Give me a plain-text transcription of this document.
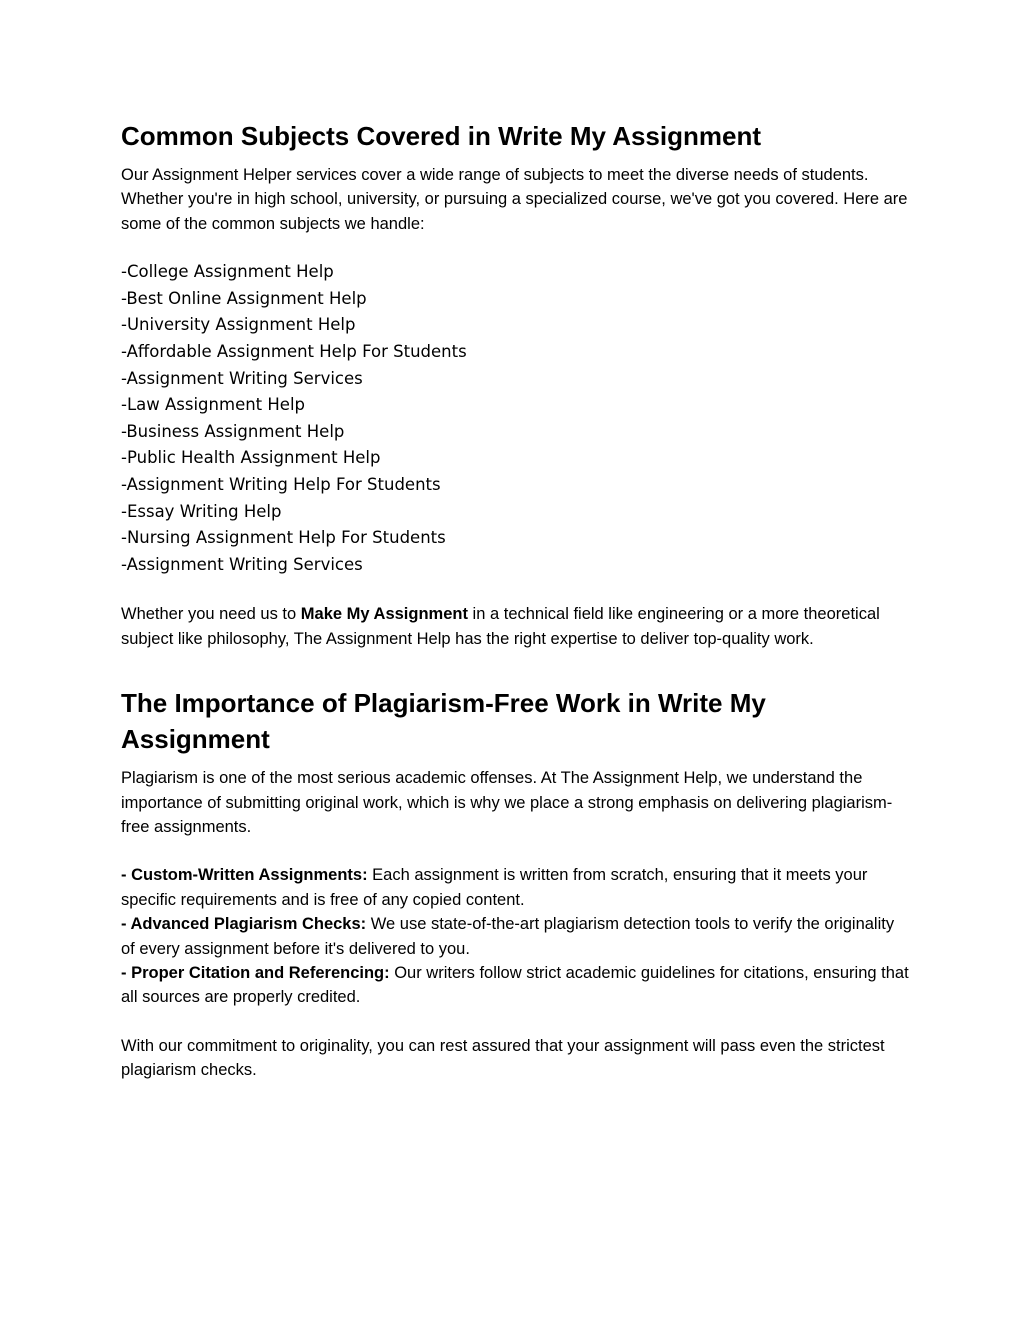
Common Subjects Covered in Write My Assignment

Our Assignment Helper services cover a wide range of subjects to meet the diverse needs of students. Whether you're in high school, university, or pursuing a specialized course, we've got you covered. Here are some of the common subjects we handle:

-College Assignment Help
-Best Online Assignment Help
-University Assignment Help
-Affordable Assignment Help For Students
-Assignment Writing Services
-Law Assignment Help
-Business Assignment Help
-Public Health Assignment Help
-Assignment Writing Help For Students
-Essay Writing Help
-Nursing Assignment Help For Students
-Assignment Writing Services

Whether you need us to Make My Assignment in a technical field like engineering or a more theoretical subject like philosophy, The Assignment Help has the right expertise to deliver top-quality work.

The Importance of Plagiarism-Free Work in Write My Assignment

Plagiarism is one of the most serious academic offenses. At The Assignment Help, we understand the importance of submitting original work, which is why we place a strong emphasis on delivering plagiarism-free assignments.

- Custom-Written Assignments: Each assignment is written from scratch, ensuring that it meets your specific requirements and is free of any copied content.

- Advanced Plagiarism Checks: We use state-of-the-art plagiarism detection tools to verify the originality of every assignment before it's delivered to you.

- Proper Citation and Referencing: Our writers follow strict academic guidelines for citations, ensuring that all sources are properly credited.

With our commitment to originality, you can rest assured that your assignment will pass even the strictest plagiarism checks.
